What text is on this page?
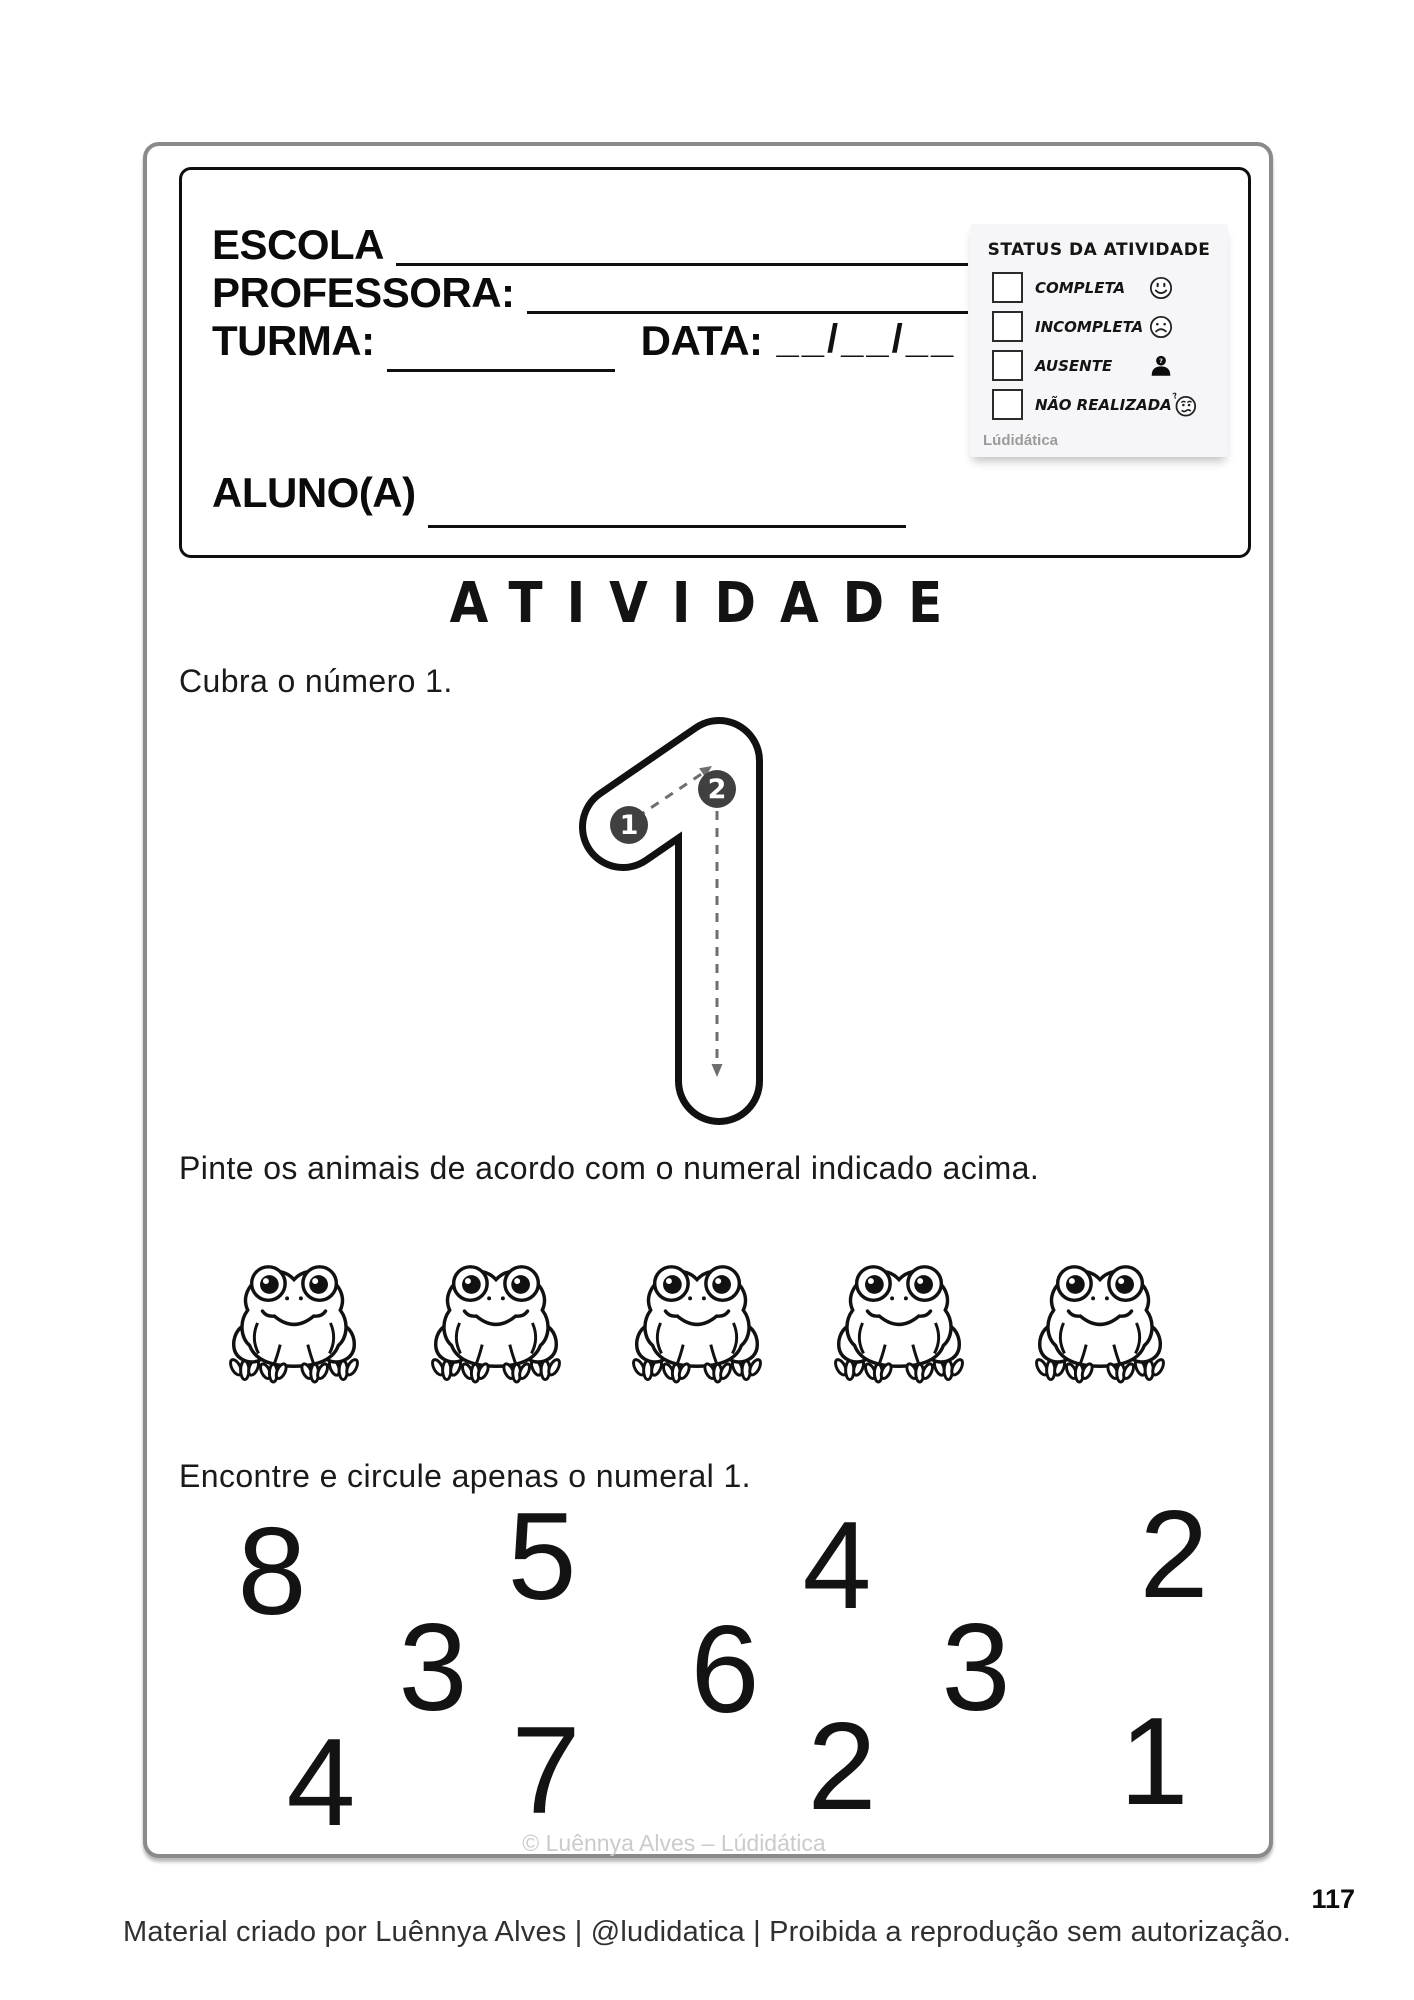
ESCOLA
PROFESSORA:
TURMA:	DATA: __/__/__
ALUNO(A)
STATUS DA ATIVIDADE
COMPLETA
INCOMPLETA
AUSENTE
NÃO REALIZADA
Lúdidática
ATIVIDADE

Cubra o número 1.

1
2

Pinte os animais de acordo com o numeral indicado acima.

Encontre e circule apenas o numeral 1.

8 5 4 2
3 6 3
4 7 2 1
© Luênnya Alves – Lúdidática
117
Material criado por Luênnya Alves | @ludidatica | Proibida a reprodução sem autorização.
